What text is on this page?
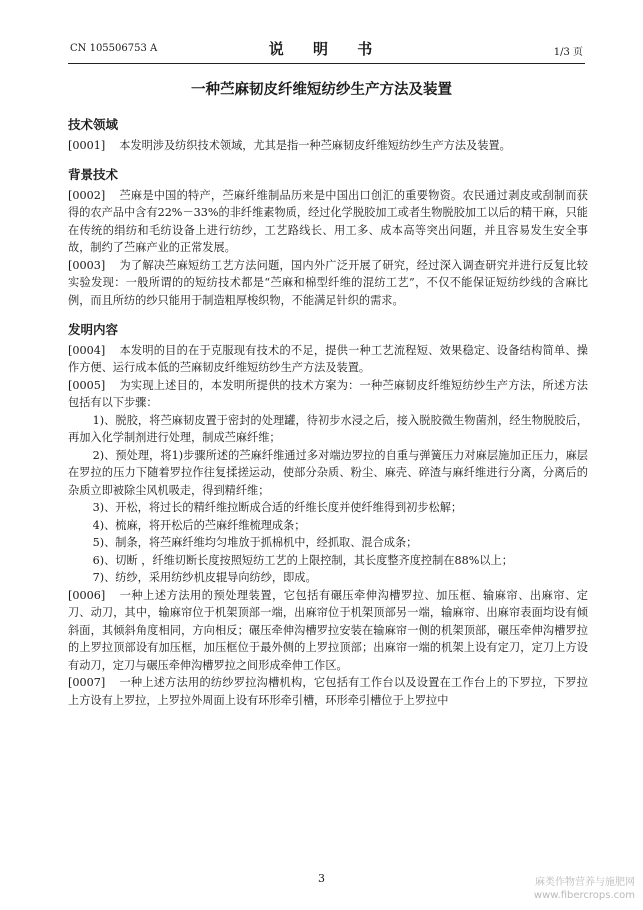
CN 105506753 A	说 明 书	1/3 页
一种苎麻韧皮纤维短纺纱生产方法及装置
技术领域

[0001] 本发明涉及纺织技术领域，尤其是指一种苎麻韧皮纤维短纺纱生产方法及装置。

背景技术

[0002] 苎麻是中国的特产，苎麻纤维制品历来是中国出口创汇的重要物资。农民通过剥皮或刮制而获得的农产品中含有22%－33%的非纤维素物质，经过化学脱胶加工或者生物脱胶加工以后的精干麻，只能在传统的绢纺和毛纺设备上进行纺纱，工艺路线长、用工多、成本高等突出问题，并且容易发生安全事故，制约了苎麻产业的正常发展。

[0003] 为了解决苎麻短纺工艺方法问题，国内外广泛开展了研究，经过深入调查研究并进行反复比较实验发现：一般所谓的的短纺技术都是“苎麻和棉型纤维的混纺工艺”，不仅不能保证短纺纱线的含麻比例，而且所纺的纱只能用于制造粗厚梭织物，不能满足针织的需求。

发明内容

[0004] 本发明的目的在于克服现有技术的不足，提供一种工艺流程短、效果稳定、设备结构简单、操作方便、运行成本低的苎麻韧皮纤维短纺纱生产方法及装置。

[0005] 为实现上述目的，本发明所提供的技术方案为：一种苎麻韧皮纤维短纺纱生产方法，所述方法包括有以下步骤：

1)、脱胶，将苎麻韧皮置于密封的处理罐，待初步水浸之后，接入脱胶微生物菌剂，经生物脱胶后，再加入化学制剂进行处理，制成苎麻纤维；

2)、预处理，将1)步骤所述的苎麻纤维通过多对端边罗拉的自重与弹簧压力对麻层施加正压力，麻层在罗拉的压力下随着罗拉作往复揉搓运动，使部分杂质、粉尘、麻壳、碎渣与麻纤维进行分离，分离后的杂质立即被除尘风机吸走，得到精纤维；

3)、开松，将过长的精纤维拉断成合适的纤维长度并使纤维得到初步松解；

4)、梳麻，将开松后的苎麻纤维梳理成条；

5)、制条，将苎麻纤维均匀堆放于抓棉机中，经抓取、混合成条；

6)、切断 ，纤维切断长度按照短纺工艺的上限控制，其长度整齐度控制在88%以上；

7)、纺纱，采用纺纱机皮辊导向纺纱，即成。

[0006] 一种上述方法用的预处理装置，它包括有碾压牵伸沟槽罗拉、加压框、输麻帘、出麻帘、定刀、动刀，其中，输麻帘位于机架顶部一端，出麻帘位于机架顶部另一端，输麻帘、出麻帘表面均设有倾斜面，其倾斜角度相同，方向相反；碾压牵伸沟槽罗拉安装在输麻帘一侧的机架顶部，碾压牵伸沟槽罗拉的上罗拉顶部设有加压框，加压框位于最外侧的上罗拉顶部；出麻帘一端的机架上设有定刀，定刀上方设有动刀，定刀与碾压牵伸沟槽罗拉之间形成牵伸工作区。

[0007] 一种上述方法用的纺纱罗拉沟槽机构，它包括有工作台以及设置在工作台上的下罗拉，下罗拉上方设有上罗拉，上罗拉外周面上设有环形牵引槽，环形牵引槽位于上罗拉中

3	麻类作物营养与施肥网
www.fibercrops.com
